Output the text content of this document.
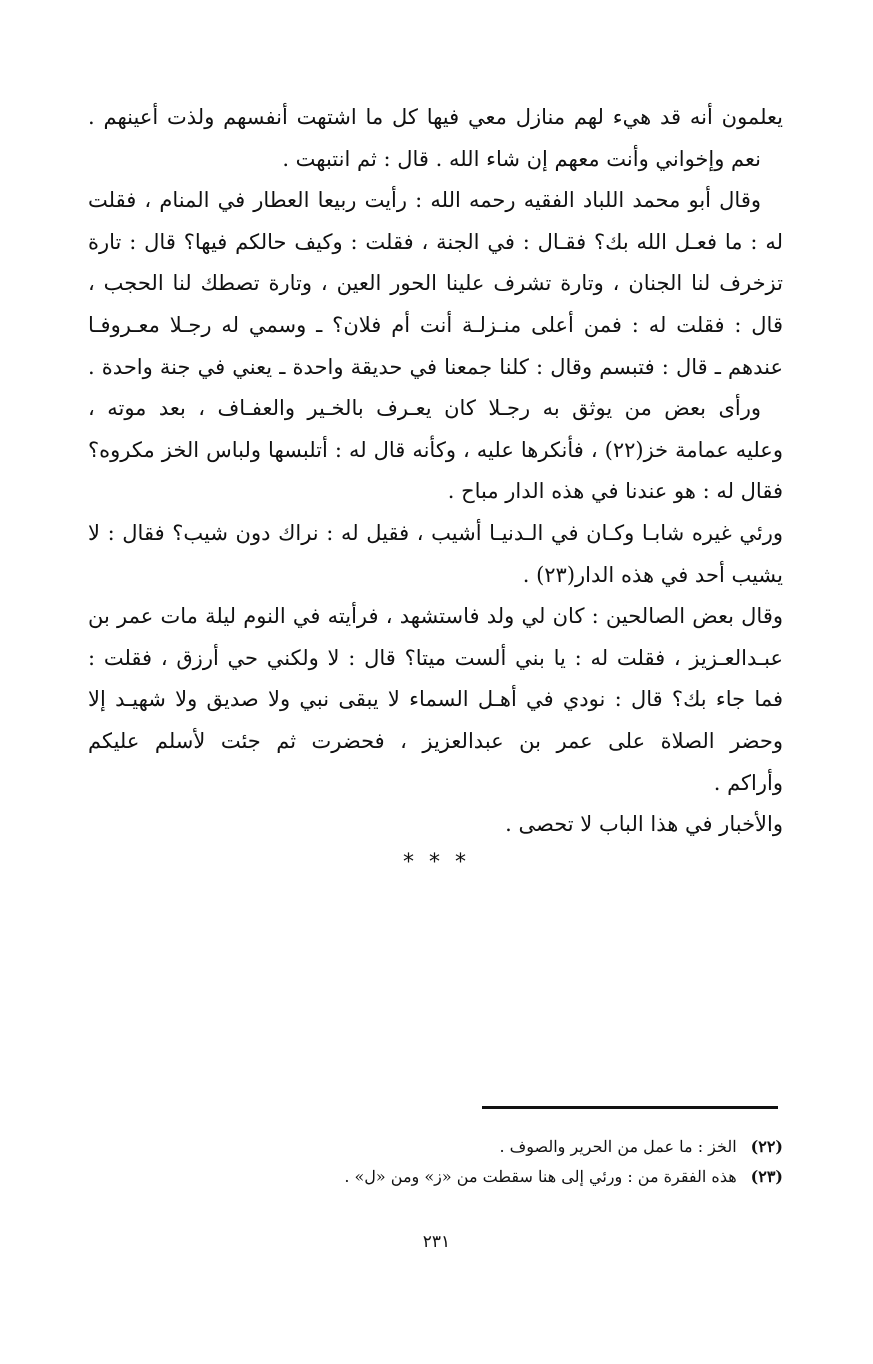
يعلمون أنه قد هيء لهم منازل معي فيها كل ما اشتهت أنفسهم ولذت أعينهم .
نعم وإخواني وأنت معهم إن شاء الله . قال : ثم انتبهت .
وقال أبو محمد اللباد الفقيه رحمه الله : رأيت ربيعا العطار في المنام ، فقلت
له : ما فعـل الله بك؟ فقـال : في الجنة ، فقلت : وكيف حالكم فيها؟ قال : تارة
تزخرف لنا الجنان ، وتارة تشرف علينا الحور العين ، وتارة تصطك لنا الحجب ،
قال : فقلت له : فمن أعلى منـزلـة أنت أم فلان؟ ـ وسمي له رجـلا معـروفـا
عندهم ـ قال : فتبسم وقال : كلنا جمعنا في حديقة واحدة ـ يعني في جنة واحدة .
ورأى بعض من يوثق به رجـلا كان يعـرف بالخـير والعفـاف ، بعد موته ،
وعليه عمامة خز(٢٢) ، فأنكرها عليه ، وكأنه قال له : أتلبسها ولباس الخز مكروه؟
فقال له : هو عندنا في هذه الدار مباح .
ورئي غيره شابـا وكـان في الـدنيـا أشيب ، فقيل له : نراك دون شيب؟ فقال : لا
يشيب أحد في هذه الدار(٢٣) .
وقال بعض الصالحين : كان لي ولد فاستشهد ، فرأيته في النوم ليلة مات عمر بن
عبـدالعـزيز ، فقلت له : يا بني ألست ميتا؟ قال : لا ولكني حي أرزق ، فقلت :
فما جاء بك؟ قال : نودي في أهـل السماء لا يبقى نبي ولا صديق ولا شهيـد إلا
وحضر الصلاة على عمر بن عبدالعزيز ، فحضرت ثم جئت لأسلم عليكم
وأراكم .
والأخبار في هذا الباب لا تحصى .
* * *
(٢٢)الخز : ما عمل من الحرير والصوف .
(٢٣)هذه الفقرة من : ورئي إلى هنا سقطت من «ز» ومن «ل» .
٢٣١
